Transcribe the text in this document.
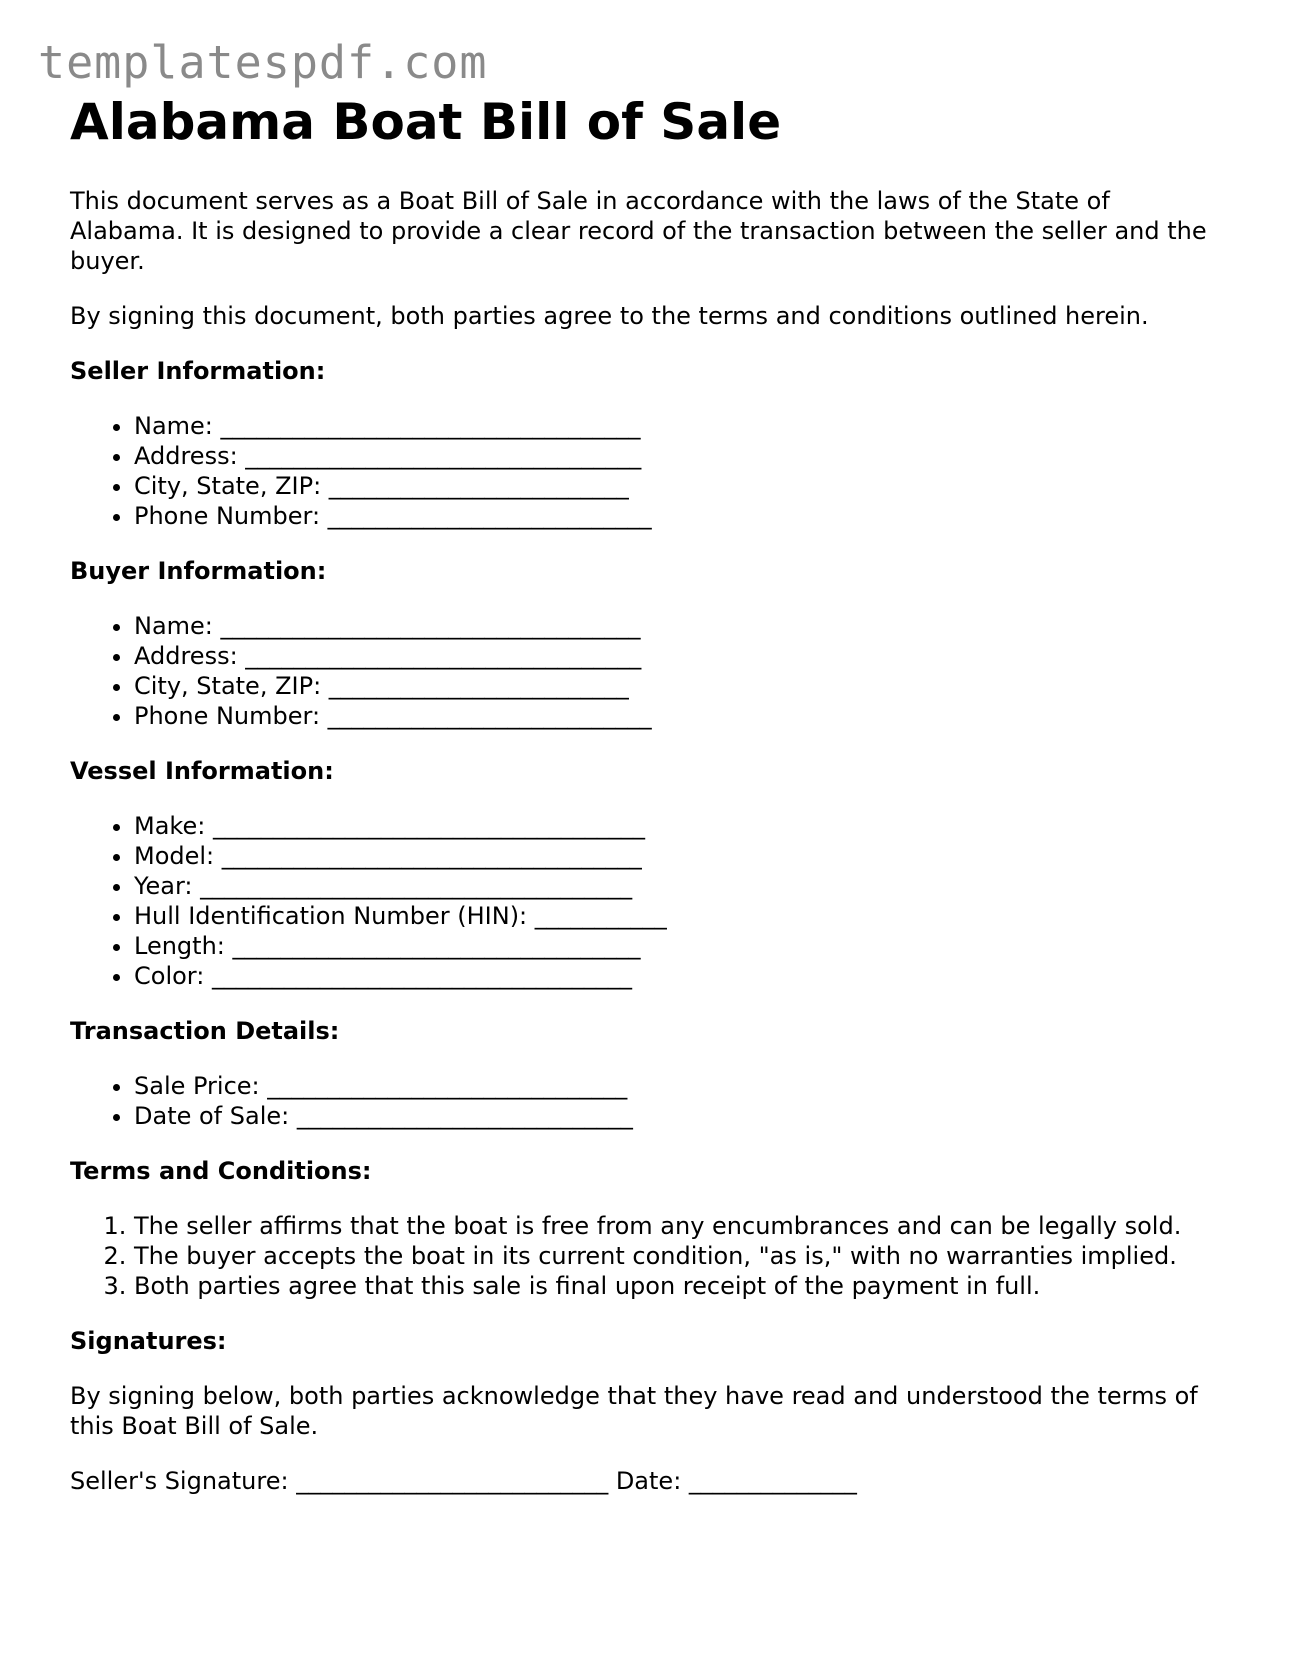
templatespdf.com
Alabama Boat Bill of Sale

This document serves as a Boat Bill of Sale in accordance with the laws of the State of Alabama. It is designed to provide a clear record of the transaction between the seller and the buyer.

By signing this document, both parties agree to the terms and conditions outlined herein.

Seller Information:
• Name: ___________________________________
• Address: _________________________________
• City, State, ZIP: _________________________
• Phone Number: ___________________________
Buyer Information:
• Name: ___________________________________
• Address: _________________________________
• City, State, ZIP: _________________________
• Phone Number: ___________________________
Vessel Information:
• Make: ____________________________________
• Model: ___________________________________
• Year: ____________________________________
• Hull Identification Number (HIN): ___________
• Length: __________________________________
• Color: ___________________________________
Transaction Details:
• Sale Price: ______________________________
• Date of Sale: ____________________________
Terms and Conditions:
1. The seller affirms that the boat is free from any encumbrances and can be legally sold.
2. The buyer accepts the boat in its current condition, "as is," with no warranties implied.
3. Both parties agree that this sale is final upon receipt of the payment in full.
Signatures:

By signing below, both parties acknowledge that they have read and understood the terms of this Boat Bill of Sale.

Seller's Signature: __________________________ Date: ______________
